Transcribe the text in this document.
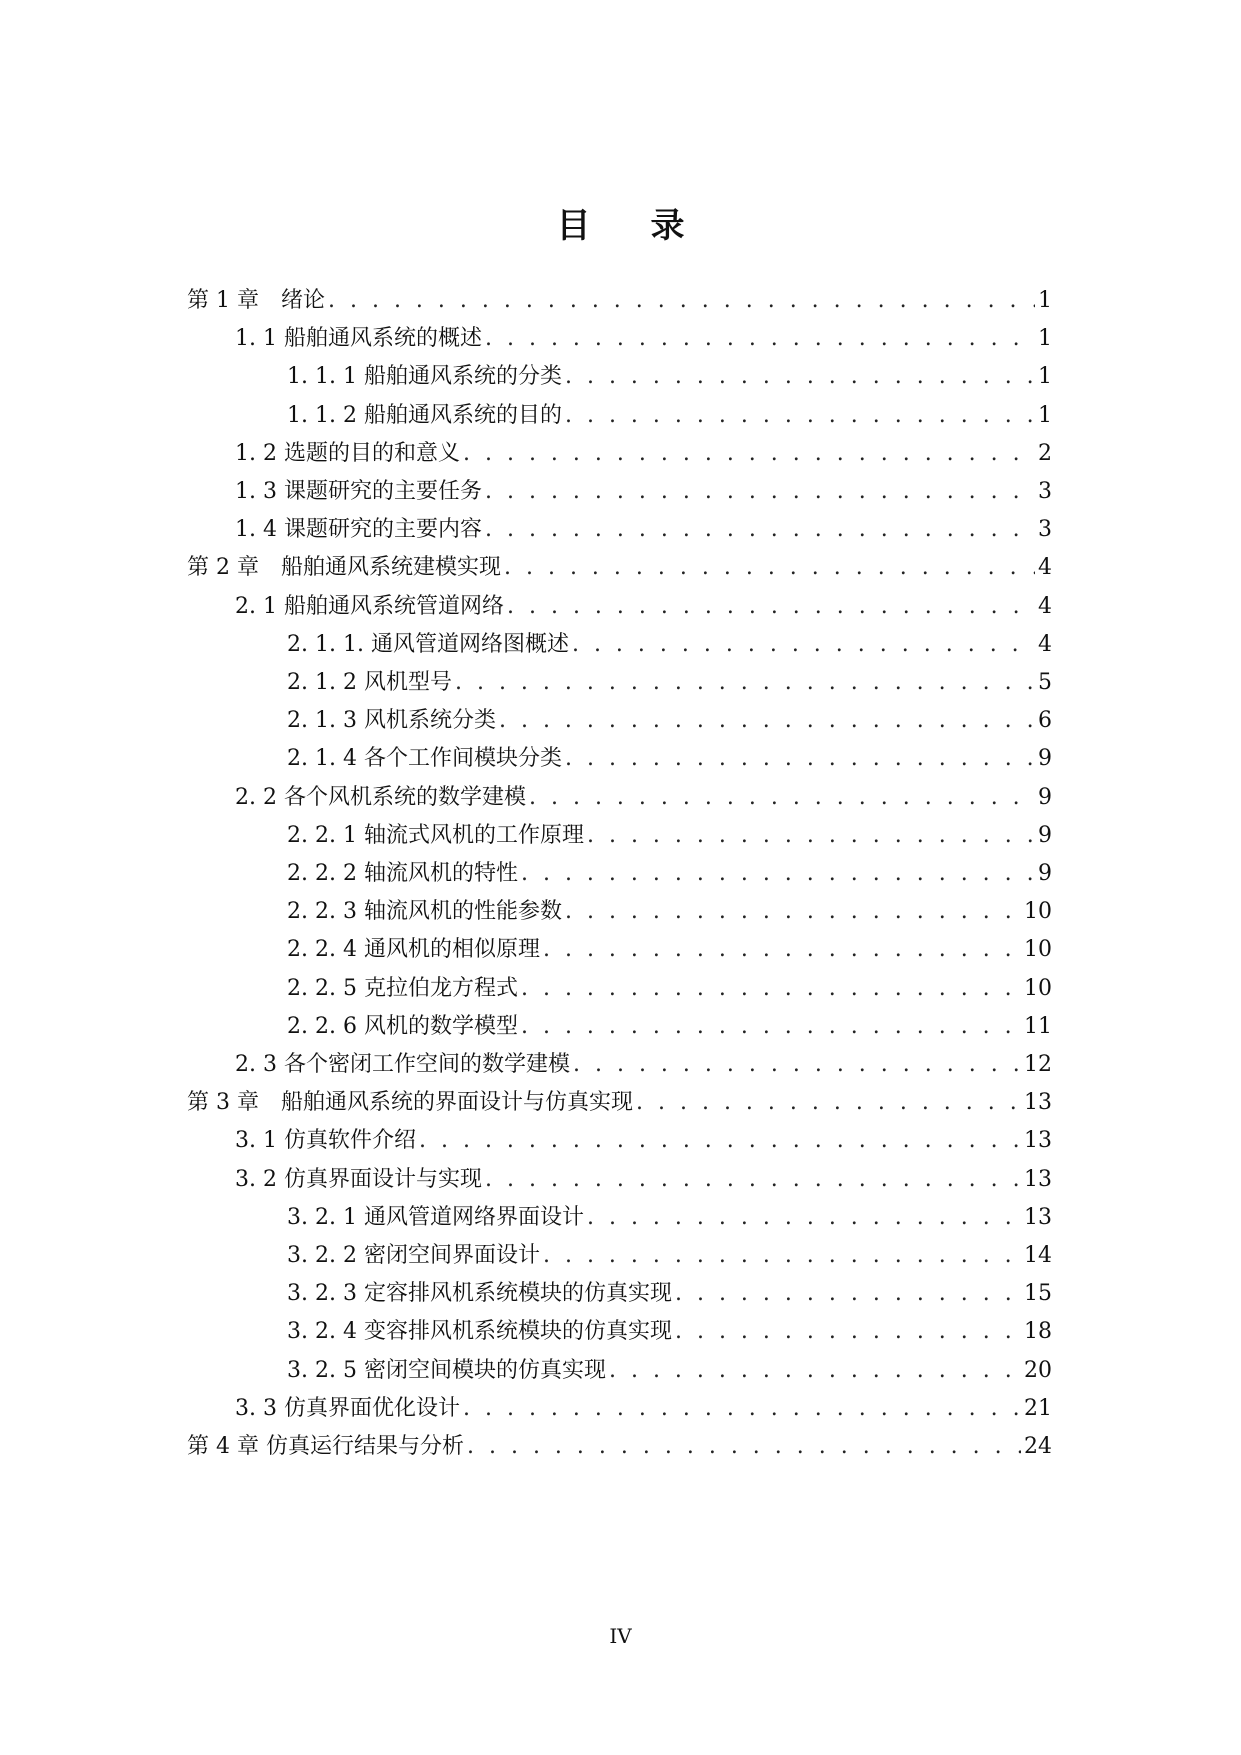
目 录
第 1 章　绪论 . . .	1
1. 1 船舶通风系统的概述 . . .	1
1. 1. 1 船舶通风系统的分类 . . .	1
1. 1. 2 船舶通风系统的目的 . . .	1
1. 2 选题的目的和意义 . . .	2
1. 3 课题研究的主要任务 . . .	3
1. 4 课题研究的主要内容 . . .	3
第 2 章　船舶通风系统建模实现 . . .	4
2. 1 船舶通风系统管道网络 . . .	4
2. 1. 1. 通风管道网络图概述 . . .	4
2. 1. 2 风机型号 . . .	5
2. 1. 3 风机系统分类 . . .	6
2. 1. 4 各个工作间模块分类 . . .	9
2. 2 各个风机系统的数学建模 . . .	9
2. 2. 1 轴流式风机的工作原理 . . .	9
2. 2. 2 轴流风机的特性 . . .	9
2. 2. 3 轴流风机的性能参数 . . .	10
2. 2. 4 通风机的相似原理 . . .	10
2. 2. 5 克拉伯龙方程式 . . .	10
2. 2. 6 风机的数学模型 . . .	11
2. 3 各个密闭工作空间的数学建模 . . .	12
第 3 章　船舶通风系统的界面设计与仿真实现 . . .	13
3. 1 仿真软件介绍 . . .	13
3. 2 仿真界面设计与实现 . . .	13
3. 2. 1 通风管道网络界面设计 . . .	13
3. 2. 2 密闭空间界面设计 . . .	14
3. 2. 3 定容排风机系统模块的仿真实现 . . .	15
3. 2. 4 变容排风机系统模块的仿真实现 . . .	18
3. 2. 5 密闭空间模块的仿真实现 . . .	20
3. 3 仿真界面优化设计 . . .	21
第 4 章 仿真运行结果与分析 . . .	24
IV
